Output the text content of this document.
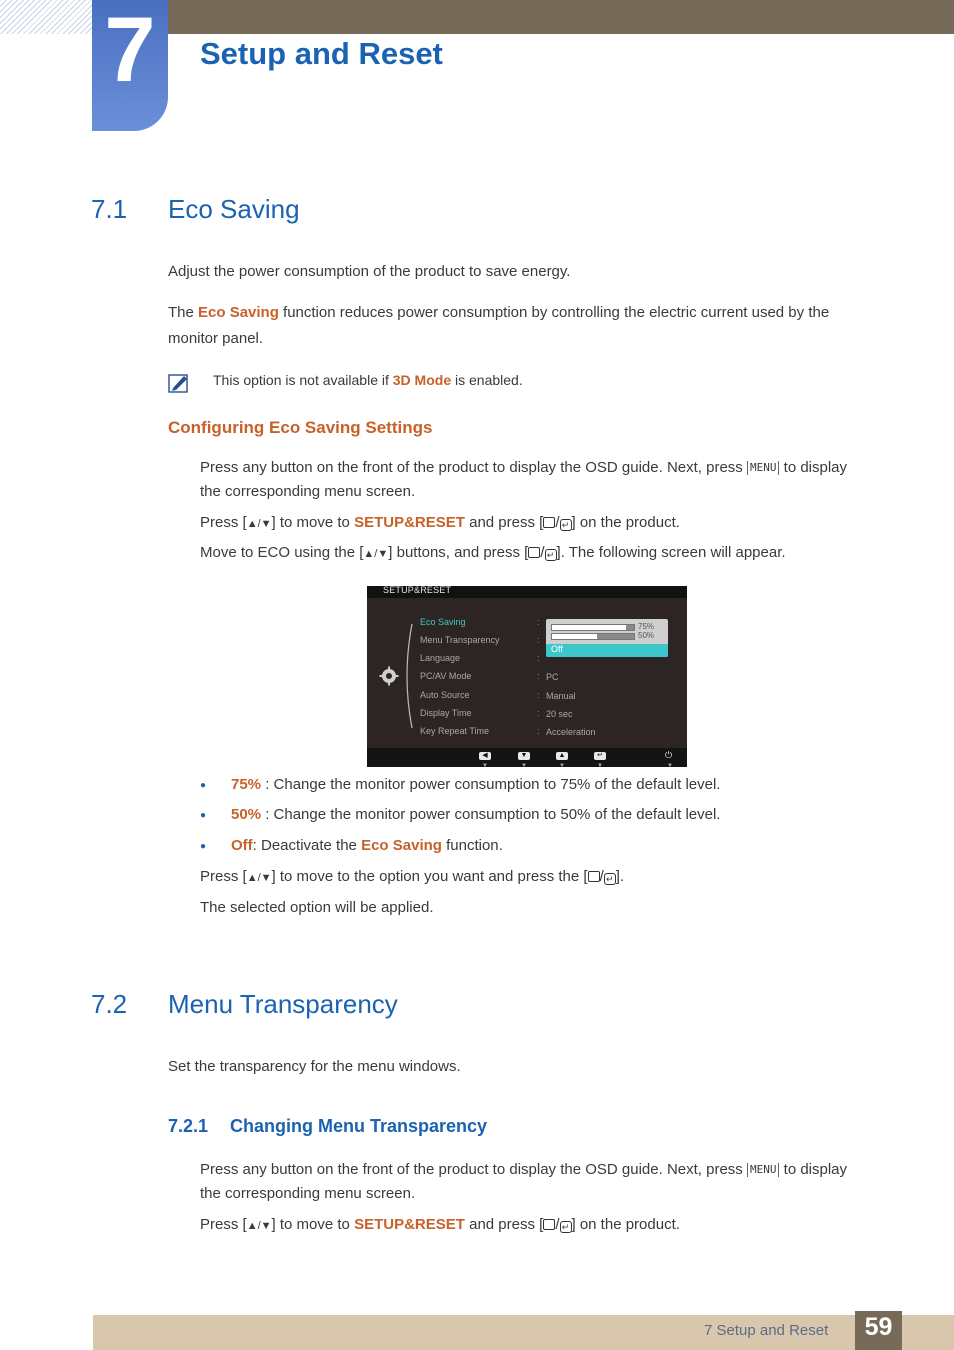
7 Setup and Reset
7.1 Eco Saving
Adjust the power consumption of the product to save energy.
The Eco Saving function reduces power consumption by controlling the electric current used by the
monitor panel.
This option is not available if 3D Mode is enabled.
Configuring Eco Saving Settings
Press any button on the front of the product to display the OSD guide. Next, press MENU to display
the corresponding menu screen.
Press [▲/▼] to move to SETUP&RESET and press [ / ↵ ] on the product.
Move to ECO using the [▲/▼] buttons, and press [ / ↵ ]. The following screen will appear.
SETUP&RESET
Eco Saving
Menu Transparency
Language
PC/AV Mode
Auto Source
Display Time
Key Repeat Time
:
:
:
:
:
:
:
PC
Manual
20 sec
Acceleration
75%
50%
Off
◀
▼
▼
▼
▲
▼
↵
▼
⏻
▼
● 75% : Change the monitor power consumption to 75% of the default level.
● 50% : Change the monitor power consumption to 50% of the default level.
● Off: Deactivate the Eco Saving function.
Press [▲/▼] to move to the option you want and press the [ / ↵ ].
The selected option will be applied.
7.2 Menu Transparency
Set the transparency for the menu windows.
7.2.1 Changing Menu Transparency
Press any button on the front of the product to display the OSD guide. Next, press MENU to display
the corresponding menu screen.
Press [▲/▼] to move to SETUP&RESET and press [ / ↵ ] on the product.
7 Setup and Reset	59
